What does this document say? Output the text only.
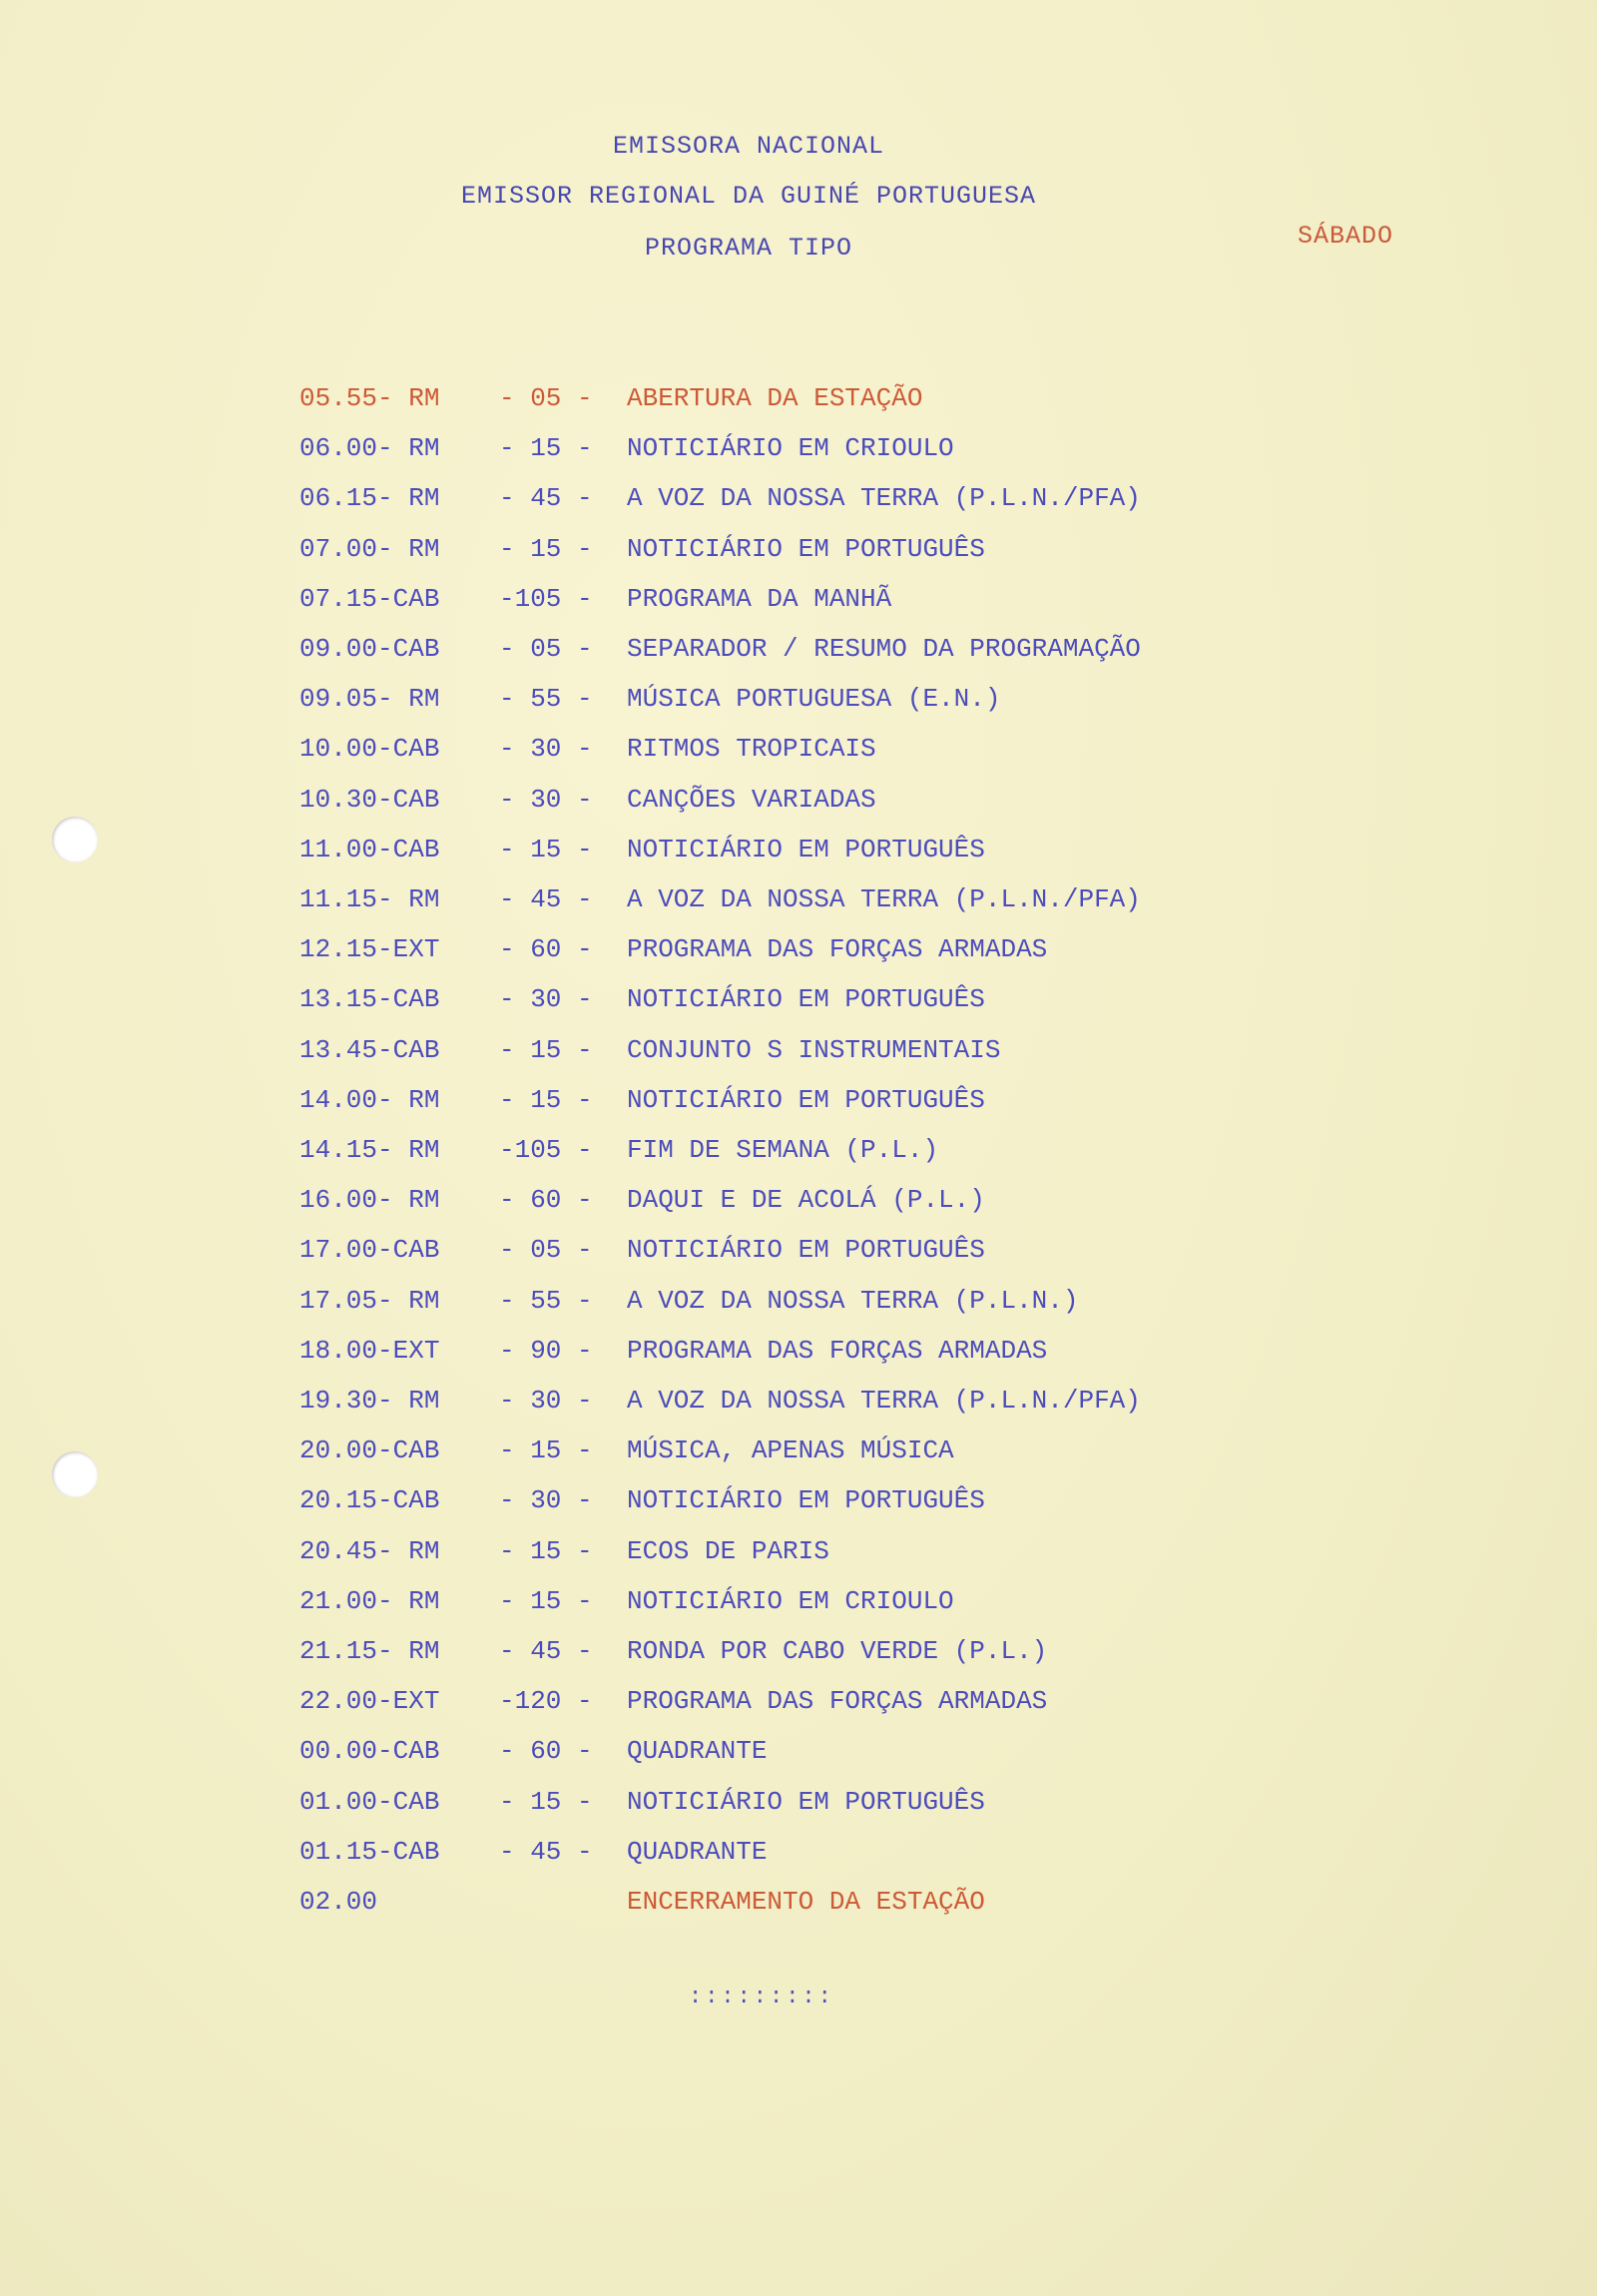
EMISSORA NACIONAL
EMISSOR REGIONAL DA GUINÉ PORTUGUESA
PROGRAMA TIPO	SÁBADO
05.55- RM	- 05 -	ABERTURA DA ESTAÇÃO
06.00- RM	- 15 -	NOTICIÁRIO EM CRIOULO
06.15- RM	- 45 -	A VOZ DA NOSSA TERRA (P.L.N./PFA)
07.00- RM	- 15 -	NOTICIÁRIO EM PORTUGUÊS
07.15-CAB	-105 -	PROGRAMA DA MANHÃ
09.00-CAB	- 05 -	SEPARADOR / RESUMO DA PROGRAMAÇÃO
09.05- RM	- 55 -	MÚSICA PORTUGUESA (E.N.)
10.00-CAB	- 30 -	RITMOS TROPICAIS
10.30-CAB	- 30 -	CANÇÕES VARIADAS
11.00-CAB	- 15 -	NOTICIÁRIO EM PORTUGUÊS
11.15- RM	- 45 -	A VOZ DA NOSSA TERRA (P.L.N./PFA)
12.15-EXT	- 60 -	PROGRAMA DAS FORÇAS ARMADAS
13.15-CAB	- 30 -	NOTICIÁRIO EM PORTUGUÊS
13.45-CAB	- 15 -	CONJUNTO S INSTRUMENTAIS
14.00- RM	- 15 -	NOTICIÁRIO EM PORTUGUÊS
14.15- RM	-105 -	FIM DE SEMANA (P.L.)
16.00- RM	- 60 -	DAQUI E DE ACOLÁ (P.L.)
17.00-CAB	- 05 -	NOTICIÁRIO EM PORTUGUÊS
17.05- RM	- 55 -	A VOZ DA NOSSA TERRA (P.L.N.)
18.00-EXT	- 90 -	PROGRAMA DAS FORÇAS ARMADAS
19.30- RM	- 30 -	A VOZ DA NOSSA TERRA (P.L.N./PFA)
20.00-CAB	- 15 -	MÚSICA, APENAS MÚSICA
20.15-CAB	- 30 -	NOTICIÁRIO EM PORTUGUÊS
20.45- RM	- 15 -	ECOS DE PARIS
21.00- RM	- 15 -	NOTICIÁRIO EM CRIOULO
21.15- RM	- 45 -	RONDA POR CABO VERDE (P.L.)
22.00-EXT	-120 -	PROGRAMA DAS FORÇAS ARMADAS
00.00-CAB	- 60 -	QUADRANTE
01.00-CAB	- 15 -	NOTICIÁRIO EM PORTUGUÊS
01.15-CAB	- 45 -	QUADRANTE
02.00	ENCERRAMENTO DA ESTAÇÃO
:::::::::
